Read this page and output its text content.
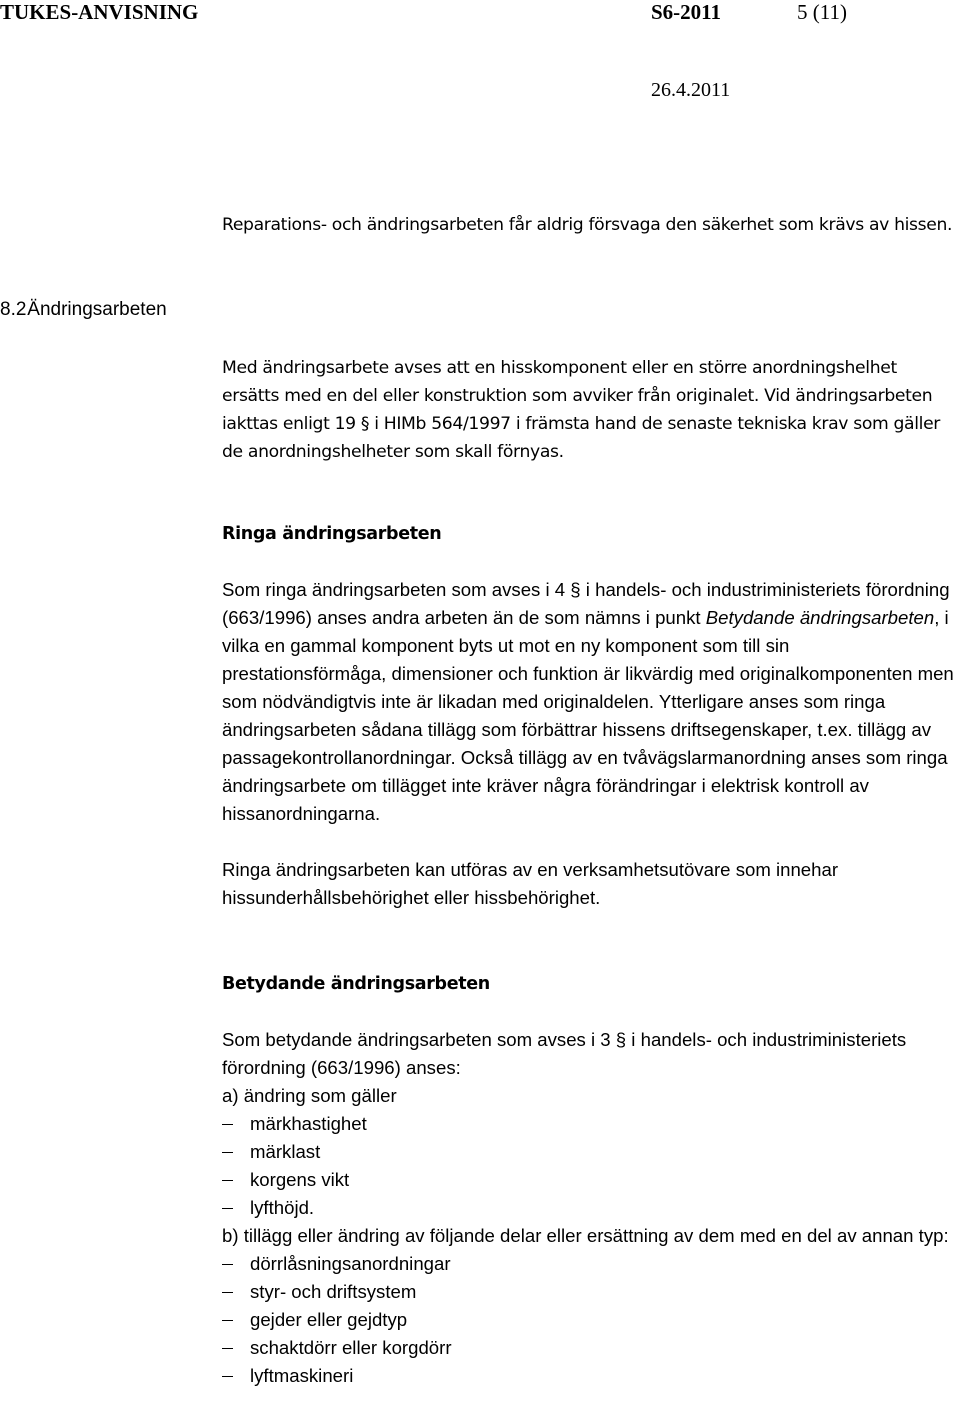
TUKES-ANVISNING	S6-2011	5 (11)
26.4.2011

Reparations- och ändringsarbeten får aldrig försvaga den säkerhet som krävs av hissen.

8.2 Ändringsarbeten

Med ändringsarbete avses att en hisskomponent eller en större anordningshelhet ersätts med en del eller konstruktion som avviker från originalet. Vid ändringsarbeten iakttas enligt 19 § i HIMb 564/1997 i främsta hand de senaste tekniska krav som gäller de anordningshelheter som skall förnyas.

Ringa ändringsarbeten

Som ringa ändringsarbeten som avses i 4 § i handels- och industriministeriets förordning (663/1996) anses andra arbeten än de som nämns i punkt Betydande ändringsarbeten, i vilka en gammal komponent byts ut mot en ny komponent som till sin prestationsförmåga, dimensioner och funktion är likvärdig med originalkomponenten men som nödvändigtvis inte är likadan med originaldelen. Ytterligare anses som ringa ändringsarbeten sådana tillägg som förbättrar hissens driftsegenskaper, t.ex. tillägg av passagekontrollanordningar. Också tillägg av en tvåvägslarmanordning anses som ringa ändringsarbete om tillägget inte kräver några förändringar i elektrisk kontroll av hissanordningarna.

Ringa ändringsarbeten kan utföras av en verksamhetsutövare som innehar hissunderhållsbehörighet eller hissbehörighet.

Betydande ändringsarbeten

Som betydande ändringsarbeten som avses i 3 § i handels- och industriministeriets förordning (663/1996) anses:

a) ändring som gäller

märkhastighet
märklast
korgens vikt
lyfthöjd.

b) tillägg eller ändring av följande delar eller ersättning av dem med en del av annan typ:

dörrlåsningsanordningar
styr- och driftsystem
gejder eller gejdtyp
schaktdörr eller korgdörr
lyftmaskineri
